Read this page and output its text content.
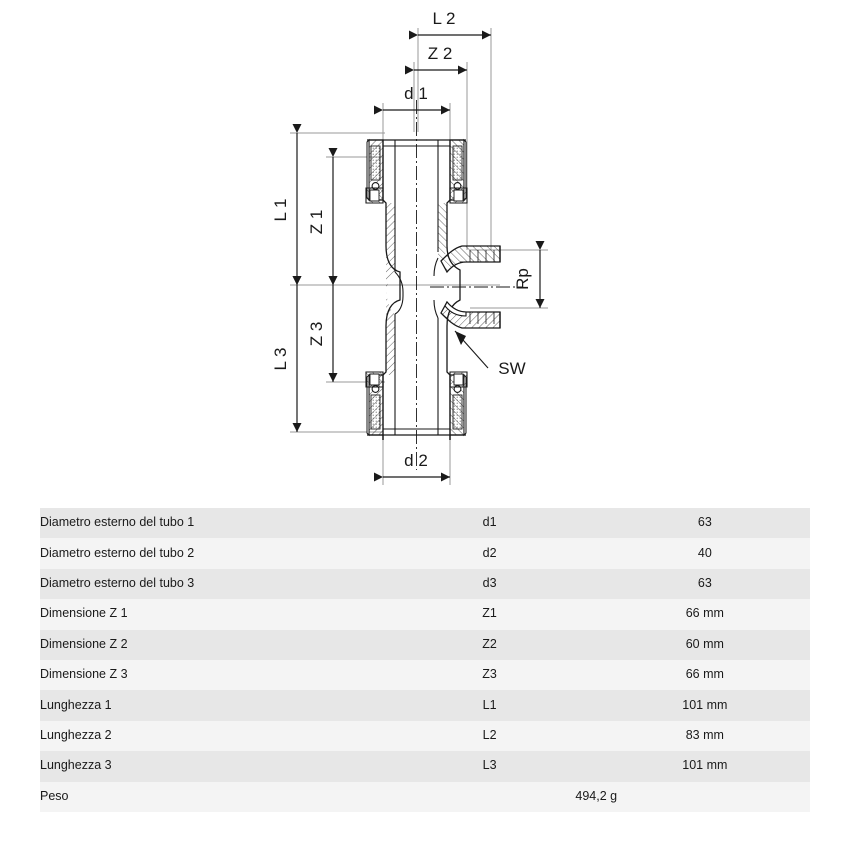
L 2
Z 2
d 1
L 1 Z 1
Z 3
L 3
Rp
SW
d 2
Diametro esterno del tubo 1		d1		63
Diametro esterno del tubo 2		d2		40
Diametro esterno del tubo 3		d3		63
Dimensione Z 1		Z1		66 mm
Dimensione Z 2		Z2		60 mm
Dimensione Z 3		Z3		66 mm
Lunghezza 1		L1		101 mm
Lunghezza 2		L2		83 mm
Lunghezza 3		L3		101 mm
Peso		494,2 g		
